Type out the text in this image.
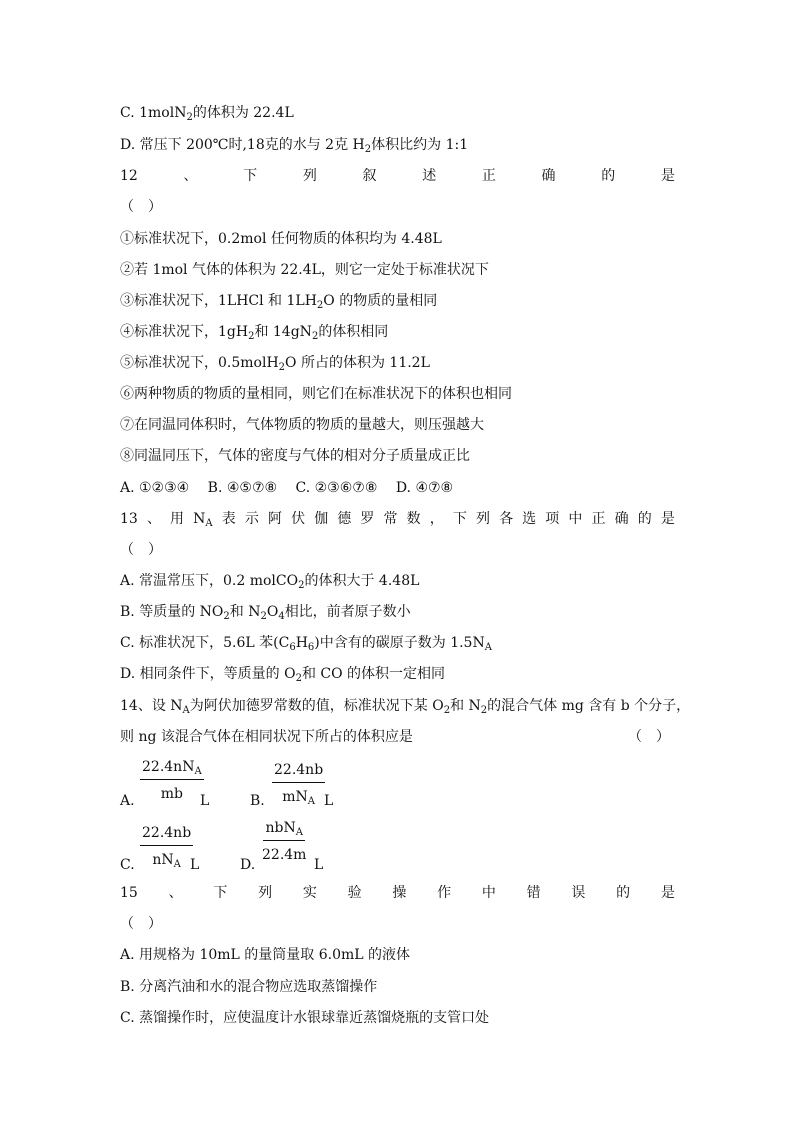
C. 1molN$_2$的体积为 22.4L
D. 常压下 200℃时,18克的水与 2克 $H_2$体积比约为 1:1
12	、	下	列	叙	述	正	确	的	是
（　）
①标准状况下，0.2mol 任何物质的体积均为 4.48L
②若 1mol 气体的体积为 22.4L，则它一定处于标准状况下
③标准状况下，1LHCl 和 $1LH_2O$ 的物质的量相同
④标准状况下，$1gH_2$和 $14gN_2$的体积相同
⑤标准状况下，0.5molH$_2$O 所占的体积为 11.2L
⑥两种物质的物质的量相同，则它们在标准状况下的体积也相同
⑦在同温同体积时，气体物质的物质的量越大，则压强越大
⑧同温同压下，气体的密度与气体的相对分子质量成正比
A. ①②③④　 B. ④⑤⑦⑧　 C. ②③⑥⑦⑧　 D. ④⑦⑧
13 、 用 $N_A$ 表 示 阿 伏 伽 德 罗 常 数 ， 下 列 各 选 项 中 正 确 的 是
（　）
A. 常温常压下，0.2 molCO$_2$的体积大于 4.48L
B. 等质量的 $NO_2$和 $N_2O_4$相比，前者原子数小
C. 标准状况下，5.6L 苯$(C_6H_6)$中含有的碳原子数为 $1.5N_A$
D. 相同条件下，等质量的 $O_2$和 CO 的体积一定相同
14、设 $N_A$为阿伏加德罗常数的值，标准状况下某 $O_2$和 $N_2$的混合气体 mg 含有 b 个分子，
则 ng 该混合气体在相同状况下所占的体积应是	（　）
A.
$22.4nN_A$
mb L	B.
22.4nb
$mN_A$ L
C.
22.4nb
$nN_A$ L	D.
nbN$_A$
22.4m
L
15 、 下 列 实 验 操 作 中 错 误 的 是
（　）
A. 用规格为 10mL 的量筒量取 6.0mL 的液体
B. 分离汽油和水的混合物应选取蒸馏操作
C. 蒸馏操作时，应使温度计水银球靠近蒸馏烧瓶的支管口处
